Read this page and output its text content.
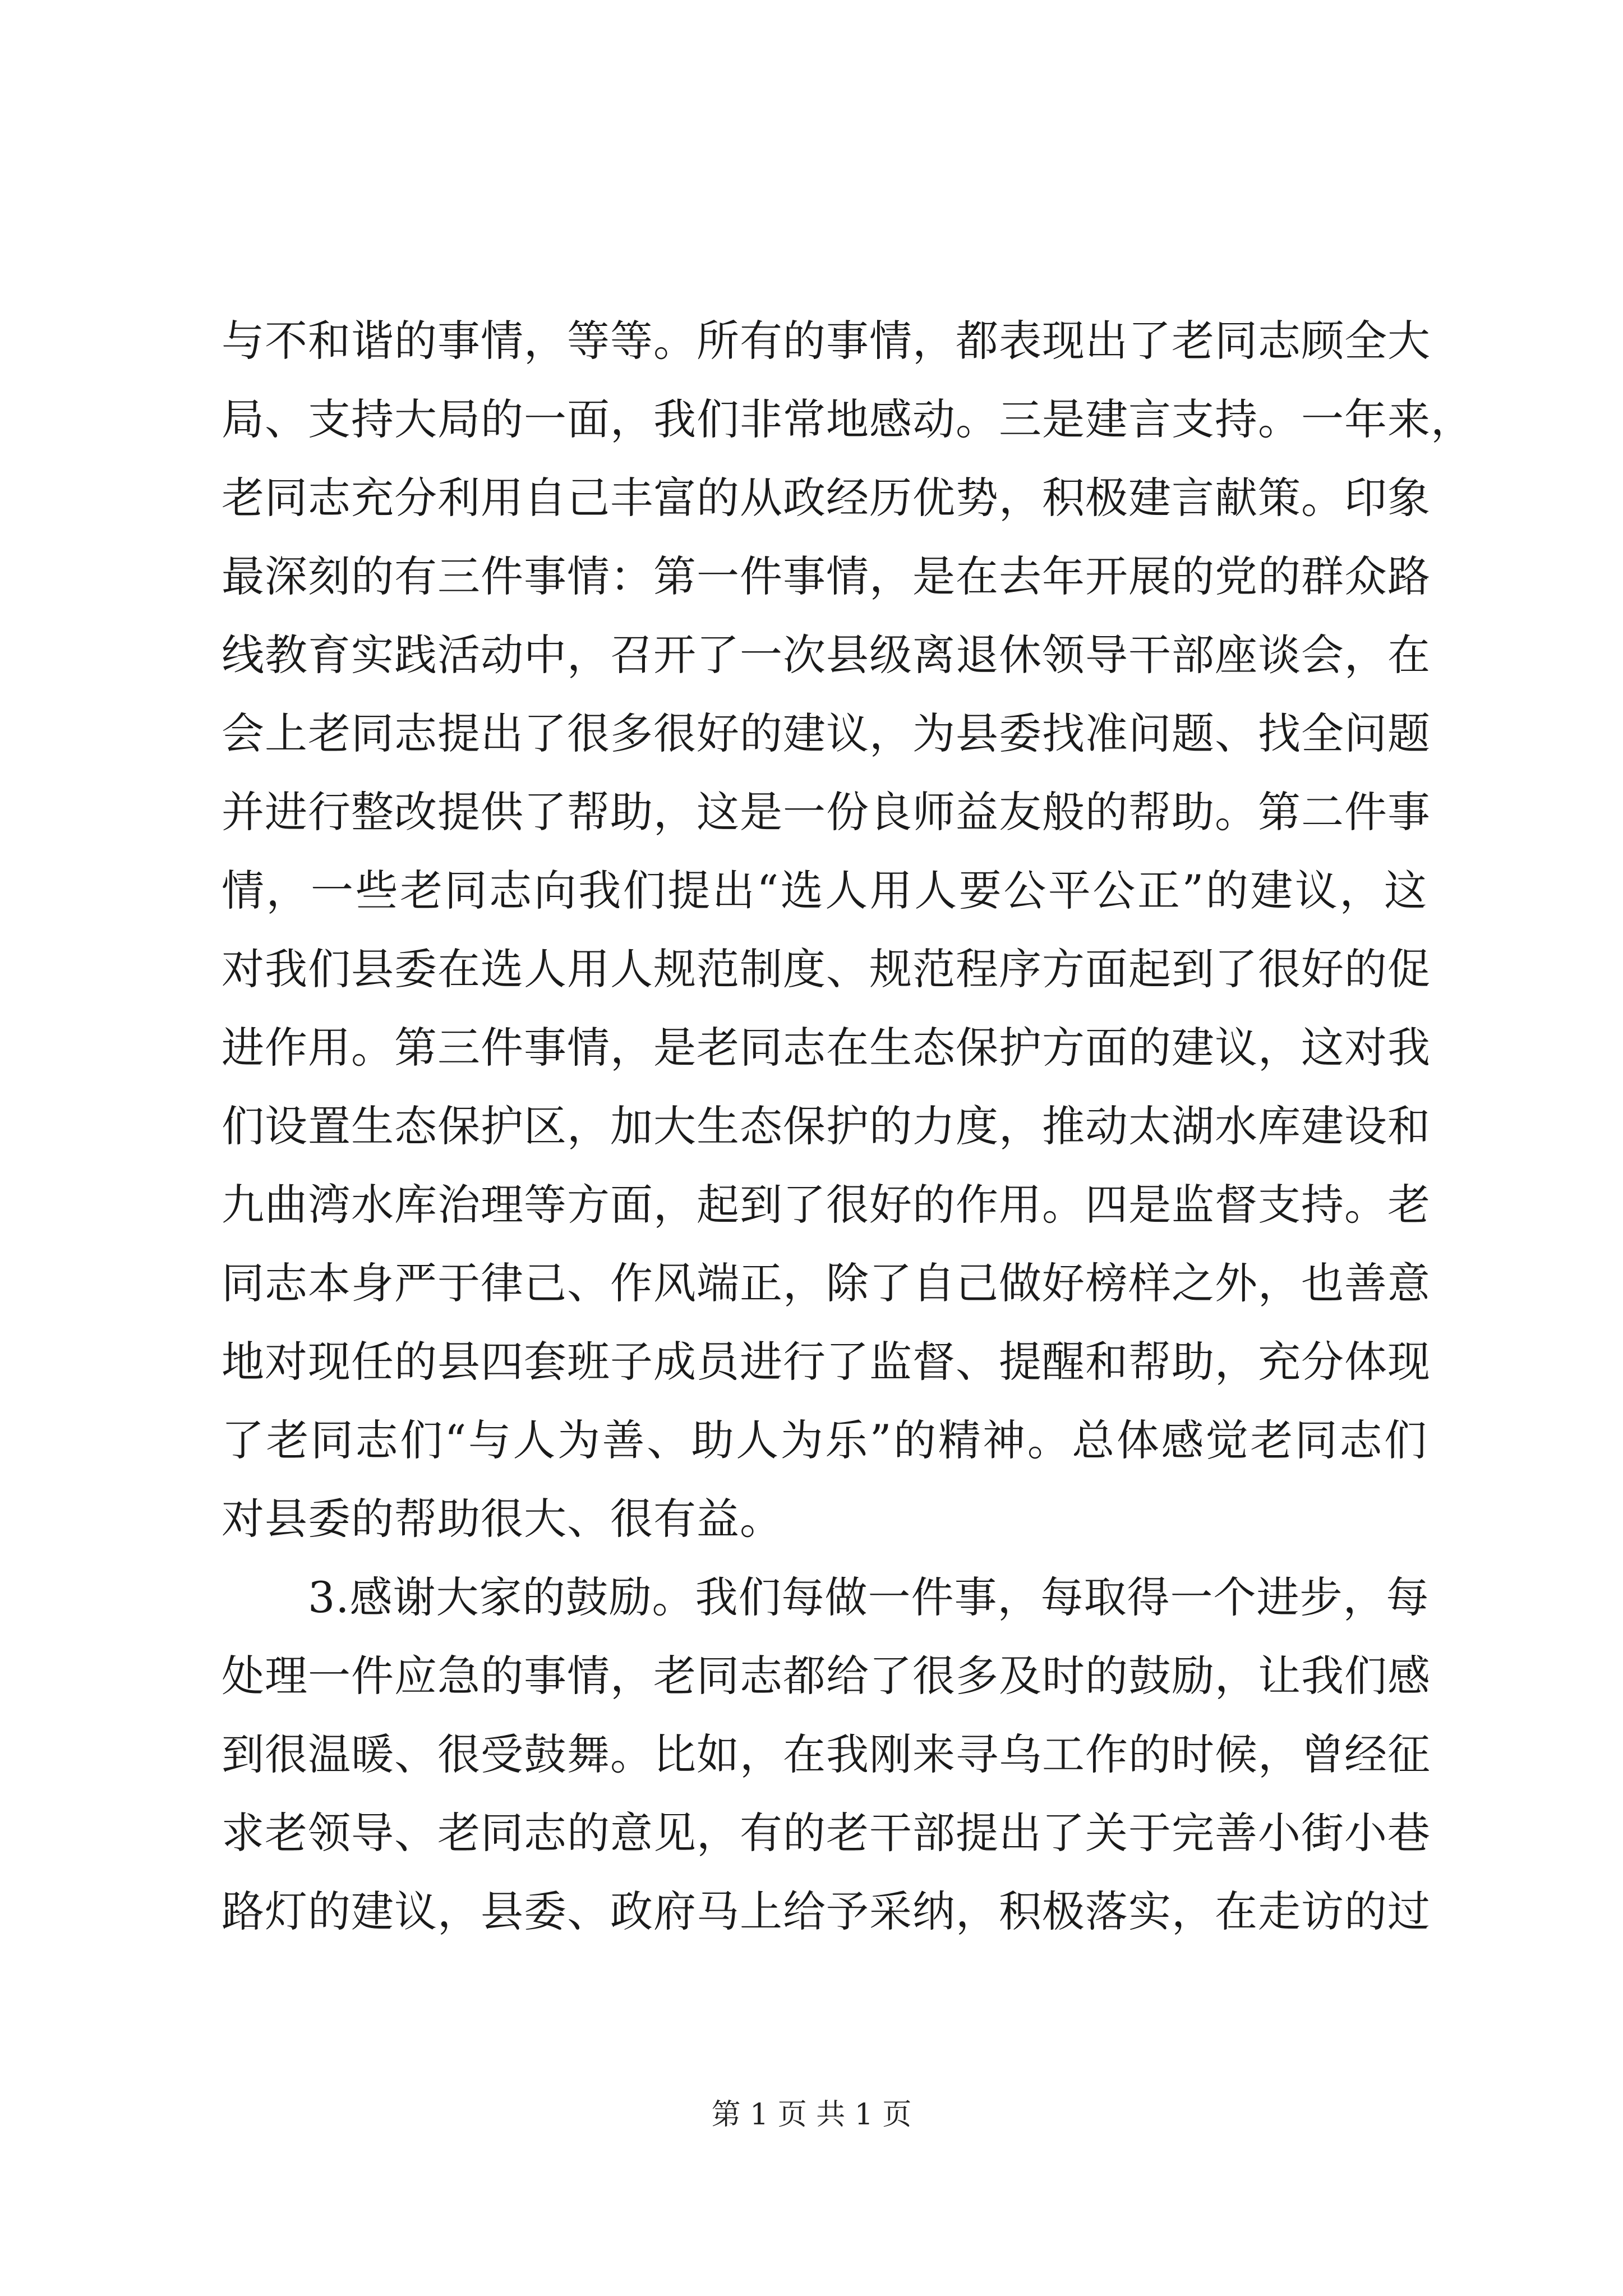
与不和谐的事情，等等。所有的事情，都表现出了老同志顾全大
局、支持大局的一面，我们非常地感动。三是建言支持。一年来，
老同志充分利用自己丰富的从政经历优势，积极建言献策。印象
最深刻的有三件事情：第一件事情，是在去年开展的党的群众路
线教育实践活动中，召开了一次县级离退休领导干部座谈会，在
会上老同志提出了很多很好的建议，为县委找准问题、找全问题
并进行整改提供了帮助，这是一份良师益友般的帮助。第二件事
情，一些老同志向我们提出“选人用人要公平公正”的建议，这
对我们县委在选人用人规范制度、规范程序方面起到了很好的促
进作用。第三件事情，是老同志在生态保护方面的建议，这对我
们设置生态保护区，加大生态保护的力度，推动太湖水库建设和
九曲湾水库治理等方面，起到了很好的作用。四是监督支持。老
同志本身严于律己、作风端正，除了自己做好榜样之外，也善意
地对现任的县四套班子成员进行了监督、提醒和帮助，充分体现
了老同志们“与人为善、助人为乐”的精神。总体感觉老同志们
对县委的帮助很大、很有益。
　　3.感谢大家的鼓励。我们每做一件事，每取得一个进步，每
处理一件应急的事情，老同志都给了很多及时的鼓励，让我们感
到很温暖、很受鼓舞。比如，在我刚来寻乌工作的时候，曾经征
求老领导、老同志的意见，有的老干部提出了关于完善小街小巷
路灯的建议，县委、政府马上给予采纳，积极落实，在走访的过
第 1 页 共 1 页
